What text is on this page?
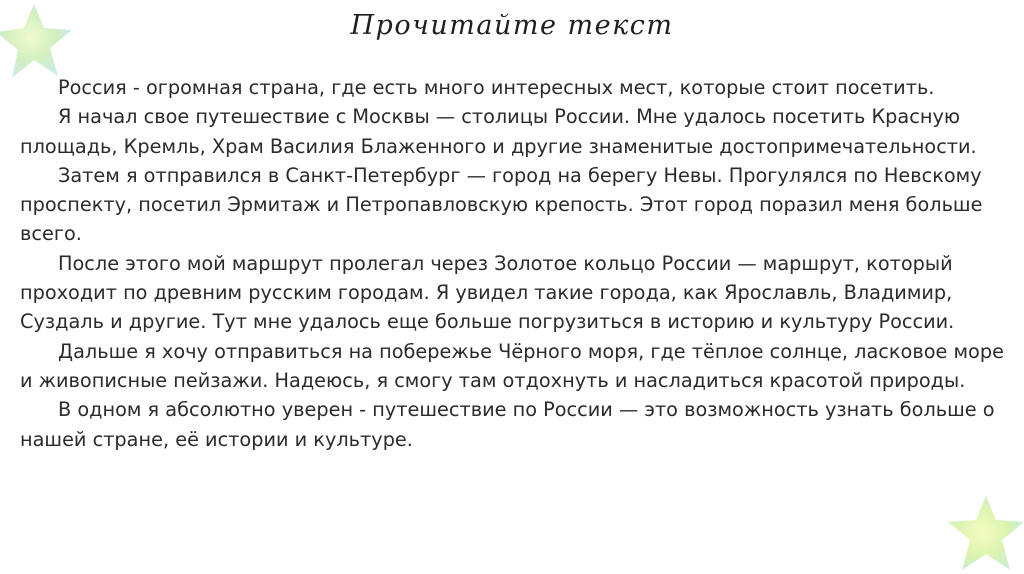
Прочитайте текст

Россия - огромная страна, где есть много интересных мест, которые стоит посетить.

Я начал свое путешествие с Москвы — столицы России. Мне удалось посетить Красную площадь, Кремль, Храм Василия Блаженного и другие знаменитые достопримечательности.

Затем я отправился в Санкт-Петербург — город на берегу Невы. Прогулялся по Невскому проспекту, посетил Эрмитаж и Петропавловскую крепость. Этот город поразил меня больше всего.

После этого мой маршрут пролегал через Золотое кольцо России — маршрут, который проходит по древним русским городам. Я увидел такие города, как Ярославль, Владимир, Суздаль и другие. Тут мне удалось еще больше погрузиться в историю и культуру России.

Дальше я хочу отправиться на побережье Чёрного моря, где тёплое солнце, ласковое море и живописные пейзажи. Надеюсь, я смогу там отдохнуть и насладиться красотой природы.

В одном я абсолютно уверен - путешествие по России — это возможность узнать больше о нашей стране, её истории и культуре.
